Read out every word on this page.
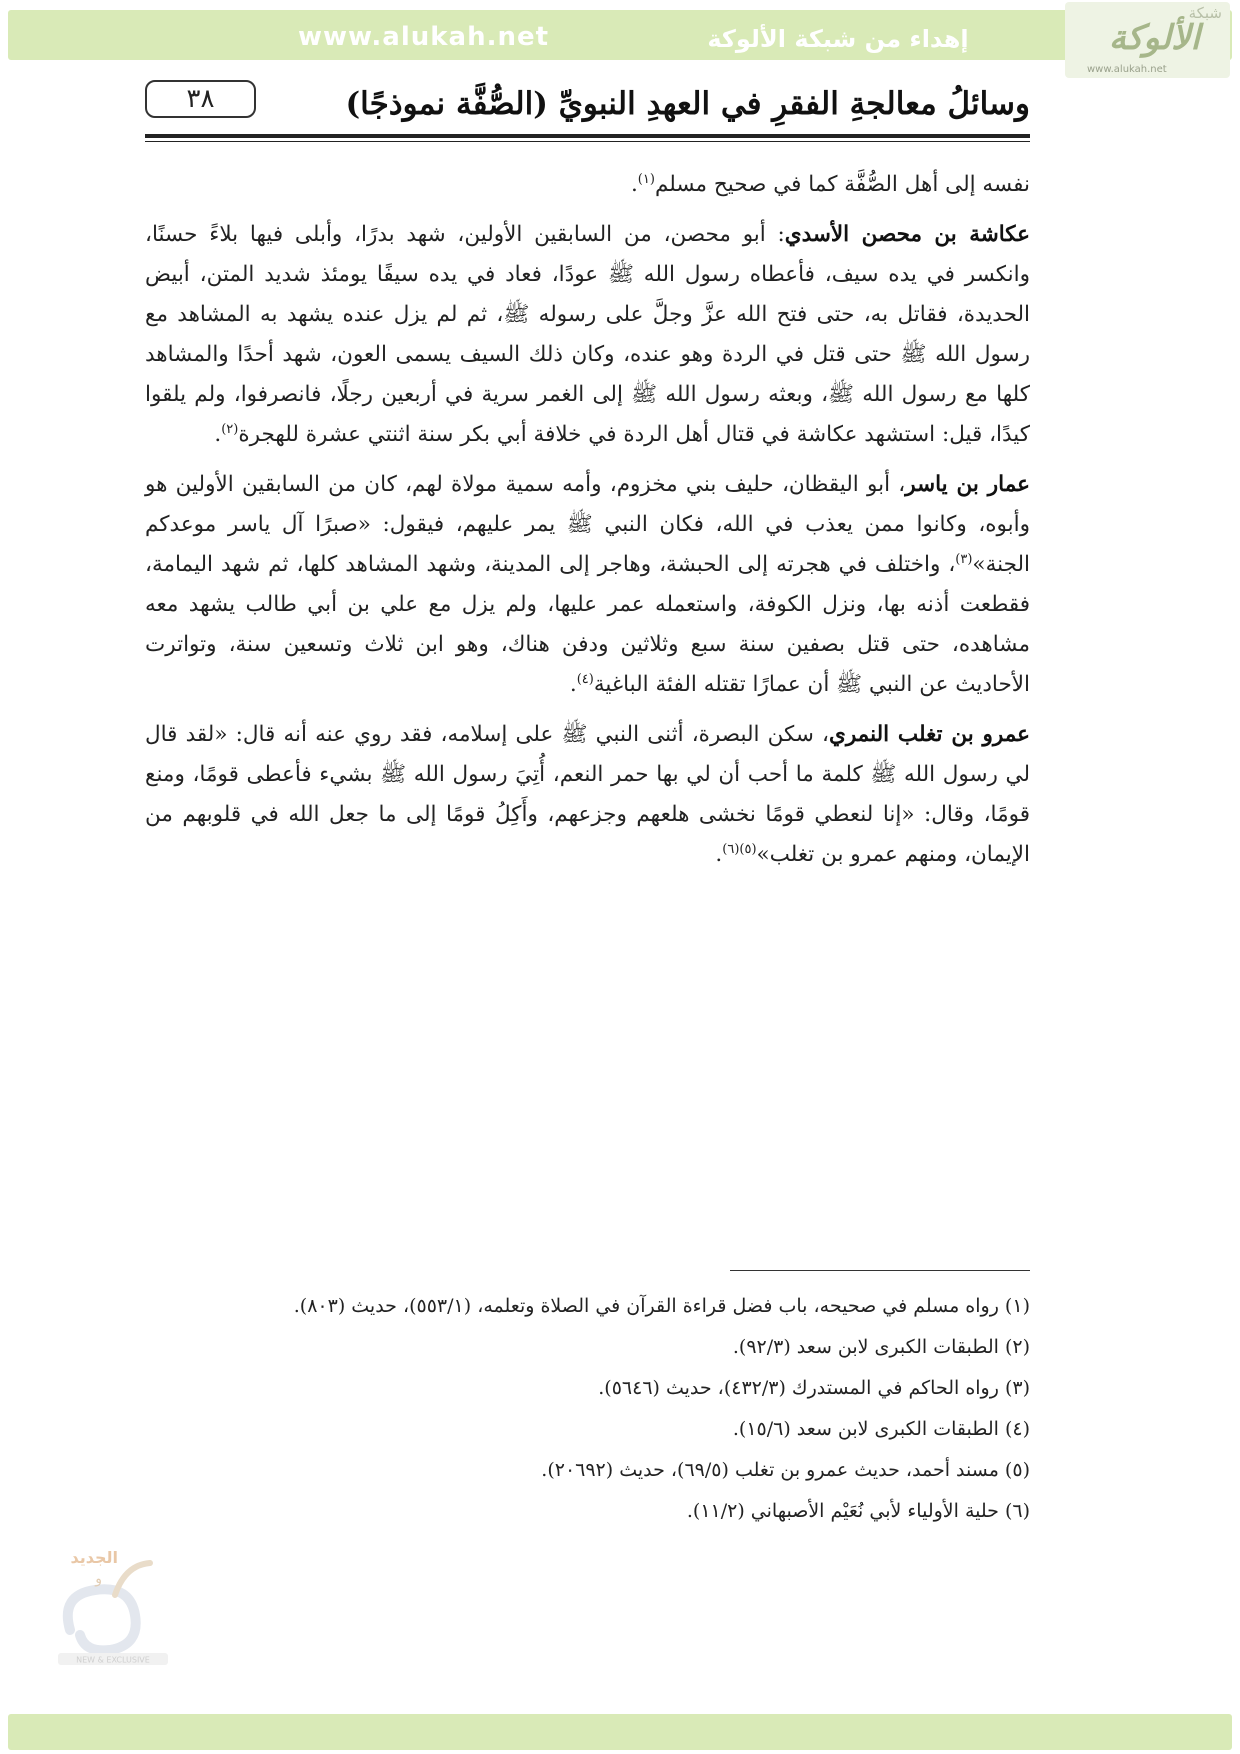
www.alukah.net	إهداء من شبكة الألوكة
شبكة
الألوكة
www.alukah.net
٣٨	وسائلُ معالجةِ الفقرِ في العهدِ النبويِّ (الصُّفَّة نموذجًا)

نفسه إلى أهل الصُّفَّة كما في صحيح مسلم$^{(١)}$.

عكاشة بن محصن الأسدي: أبو محصن، من السابقين الأولين، شهد بدرًا، وأبلى فيها بلاءً حسنًا، وانكسر في يده سيف، فأعطاه رسول الله ﷺ عودًا، فعاد في يده سيفًا يومئذ شديد المتن، أبيض الحديدة، فقاتل به، حتى فتح الله عزَّ وجلَّ على رسوله ﷺ، ثم لم يزل عنده يشهد به المشاهد مع رسول الله ﷺ حتى قتل في الردة وهو عنده، وكان ذلك السيف يسمى العون، شهد أحدًا والمشاهد كلها مع رسول الله ﷺ، وبعثه رسول الله ﷺ إلى الغمر سرية في أربعين رجلًا، فانصرفوا، ولم يلقوا كيدًا، قيل: استشهد عكاشة في قتال أهل الردة في خلافة أبي بكر سنة اثنتي عشرة للهجرة$^{(٢)}$.

عمار بن ياسر، أبو اليقظان، حليف بني مخزوم، وأمه سمية مولاة لهم، كان من السابقين الأولين هو وأبوه، وكانوا ممن يعذب في الله، فكان النبي ﷺ يمر عليهم، فيقول: «صبرًا آل ياسر موعدكم الجنة»$^{(٣)}$، واختلف في هجرته إلى الحبشة، وهاجر إلى المدينة، وشهد المشاهد كلها، ثم شهد اليمامة، فقطعت أذنه بها، ونزل الكوفة، واستعمله عمر عليها، ولم يزل مع علي بن أبي طالب يشهد معه مشاهده، حتى قتل بصفين سنة سبع وثلاثين ودفن هناك، وهو ابن ثلاث وتسعين سنة، وتواترت الأحاديث عن النبي ﷺ أن عمارًا تقتله الفئة الباغية$^{(٤)}$.

عمرو بن تغلب النمري، سكن البصرة، أثنى النبي ﷺ على إسلامه، فقد روي عنه أنه قال: «لقد قال لي رسول الله ﷺ كلمة ما أحب أن لي بها حمر النعم، أُتِيَ رسول الله ﷺ بشيء فأعطى قومًا، ومنع قومًا، وقال: «إنا لنعطي قومًا نخشى هلعهم وجزعهم، وأَكِلُ قومًا إلى ما جعل الله في قلوبهم من الإيمان، ومنهم عمرو بن تغلب»$^{(٥)(٦)}$.

(١) رواه مسلم في صحيحه، باب فضل قراءة القرآن في الصلاة وتعلمه، (٥٥٣/١)، حديث (٨٠٣).
(٢) الطبقات الكبرى لابن سعد (٩٢/٣).
(٣) رواه الحاكم في المستدرك (٤٣٢/٣)، حديث (٥٦٤٦).
(٤) الطبقات الكبرى لابن سعد (١٥/٦).
(٥) مسند أحمد، حديث عمرو بن تغلب (٦٩/٥)، حديث (٢٠٦٩٢).
(٦) حلية الأولياء لأبي نُعَيْم الأصبهاني (١١/٢).
الجديد
و
NEW & EXCLUSIVE
